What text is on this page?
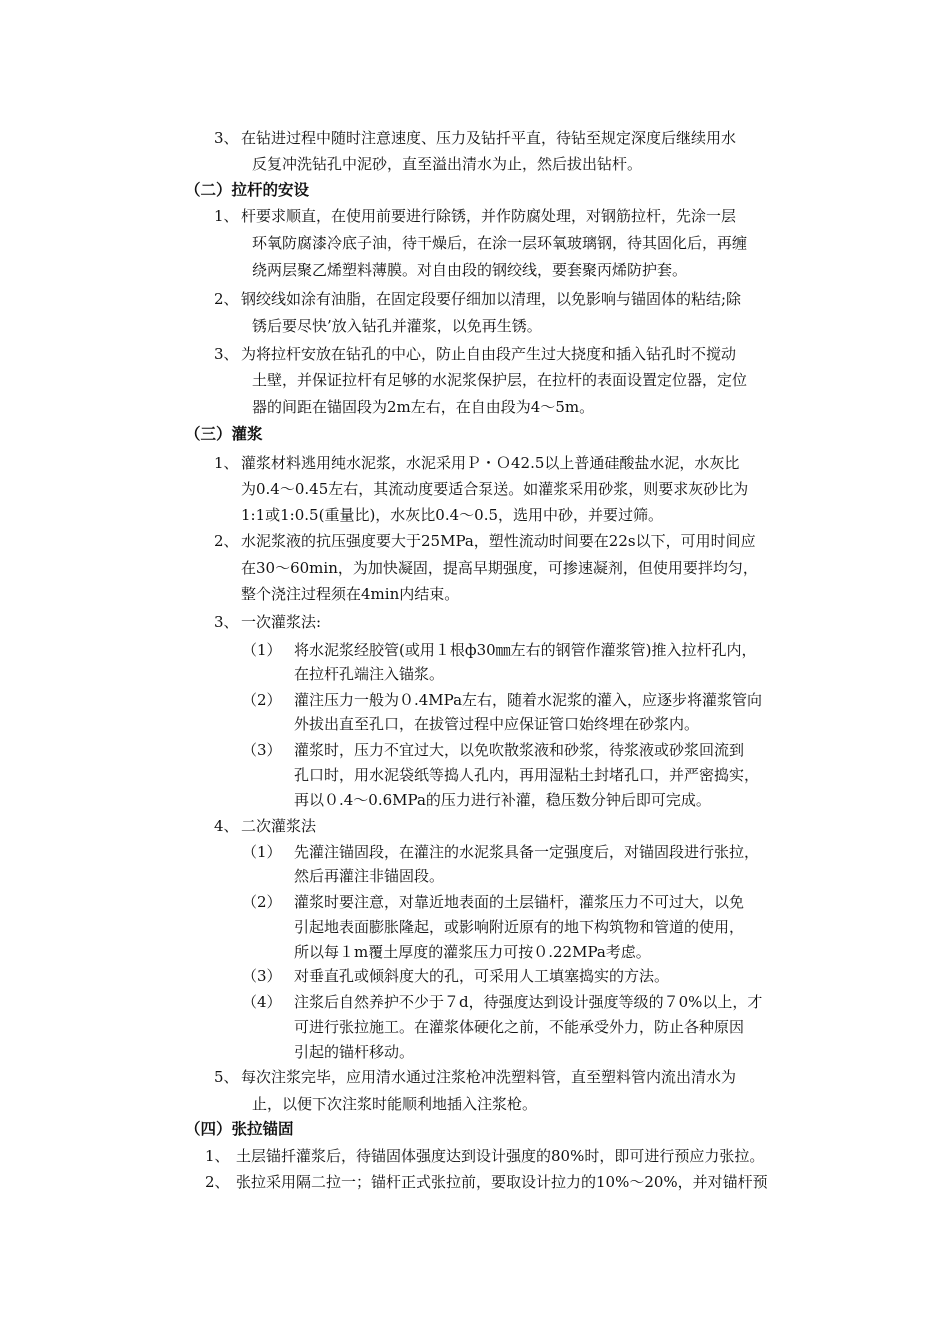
3、 在钻进过程中随时注意速度、压力及钻扦平直，待钻至规定深度后继续用水
反复冲洗钻孔中泥砂，直至溢出清水为止，然后拔出钻杆。
（二）拉杆的安设
1、 杆要求顺直，在使用前要进行除锈，并作防腐处理，对钢筋拉杆，先涂一层
环氧防腐漆冷底子油，待干燥后，在涂一层环氧玻璃钢，待其固化后，再缠
绕两层聚乙烯塑料薄膜。对自由段的钢绞线，要套聚丙烯防护套。
2、 钢绞线如涂有油脂，在固定段要仔细加以清理，以免影响与锚固体的粘结;除
锈后要尽快’放入钻孔并灌浆，以免再生锈。
3、 为将拉杆安放在钻孔的中心，防止自由段产生过大挠度和插入钻孔时不搅动
土壁，并保证拉杆有足够的水泥浆保护层，在拉杆的表面设置定位器，定位
器的间距在锚固段为2m左右，在自由段为4～5m。
（三）灌浆
1、 灌浆材料逃用纯水泥浆，水泥采用Ｐ・Ｏ42.5以上普通硅酸盐水泥，水灰比
为0.4～0.45左右，其流动度要适合泵送。如灌浆采用砂浆，则要求灰砂比为
1:1或1:0.5(重量比)，水灰比0.4～0.5，选用中砂，并要过筛。
2、 水泥浆液的抗压强度要大于25MPa，塑性流动时间要在22s以下，可用时间应
在30～60min，为加快凝固，提高早期强度，可掺速凝剂，但使用要拌均匀，
整个浇注过程须在4min内结束。
3、 一次灌浆法:
（1） 将水泥浆经胶管(或用１根ф30㎜左右的钢管作灌浆管)推入拉杆孔内，
在拉杆孔端注入锚浆。
（2） 灌注压力一般为０.4MPa左右，随着水泥浆的灌入，应逐步将灌浆管向
外拔出直至孔口，在拔管过程中应保证管口始终埋在砂浆内。
（3） 灌浆时，压力不宜过大，以免吹散浆液和砂浆，待浆液或砂浆回流到
孔口时，用水泥袋纸等捣人孔内，再用湿粘土封堵孔口，并严密捣实，
再以０.4～0.6MPa的压力进行补灌，稳压数分钟后即可完成。
4、 二次灌浆法
（1） 先灌注锚固段，在灌注的水泥浆具备一定强度后，对锚固段进行张拉，
然后再灌注非锚固段。
（2） 灌浆时要注意，对靠近地表面的土层锚杆，灌浆压力不可过大，以免
引起地表面膨胀隆起，或影响附近原有的地下构筑物和管道的使用，
所以每１m覆土厚度的灌浆压力可按０.22MPa考虑。
（3） 对垂直孔或倾斜度大的孔，可采用人工填塞捣实的方法。
（4） 注浆后自然养护不少于７d，待强度达到设计强度等级的７0%以上，才
可进行张拉施工。在灌浆体硬化之前，不能承受外力，防止各种原因
引起的锚杆移动。
5、 每次注浆完毕，应用清水通过注浆枪冲洗塑料管，直至塑料管内流出清水为
止，以便下次注浆时能顺利地插入注浆枪。
（四）张拉锚固
1、 土层锚扦灌浆后，待锚固体强度达到设计强度的80%时，即可进行预应力张拉。
2、 张拉采用隔二拉一；锚杆正式张拉前，要取设计拉力的10%～20%，并对锚杆预
